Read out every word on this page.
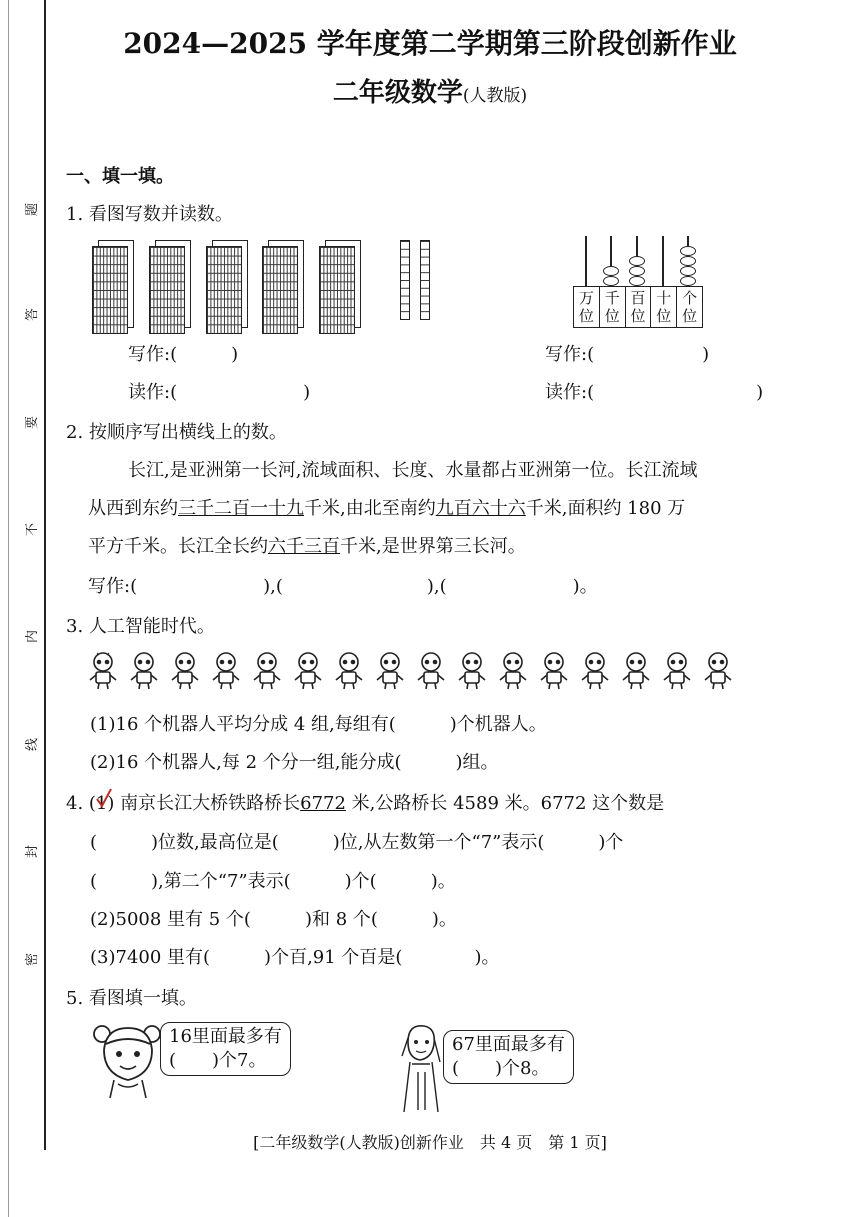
题
答
要
不
内
线
封
密
2024—2025 学年度第二学期第三阶段创新作业
二年级数学(人教版)
一、填一填。
1. 看图写数并读数。
万位
千位
百位
十位
个位
写作:(　　　)
读作:(　　　　　　　)
写作:(　　　　　　)
读作:(　　　　　　　　　)
2. 按顺序写出横线上的数。
长江,是亚洲第一长河,流域面积、长度、水量都占亚洲第一位。长江流域
从西到东约三千二百一十九千米,由北至南约九百六十六千米,面积约 180 万
平方千米。长江全长约六千三百千米,是世界第三长河。
写作:(　　　　　　　),(　　　　　　　　),(　　　　　　　)。
3. 人工智能时代。
(1)16 个机器人平均分成 4 组,每组有(　　　)个机器人。
(2)16 个机器人,每 2 个分一组,能分成(　　　)组。
4. (1) 南京长江大桥铁路桥长6772 米,公路桥长 4589 米。6772 这个数是
(　　　)位数,最高位是(　　　)位,从左数第一个“7”表示(　　　)个
(　　　),第二个“7”表示(　　　)个(　　　)。
(2)5008 里有 5 个(　　　)和 8 个(　　　)。
(3)7400 里有(　　　)个百,91 个百是(　　　　)。
5. 看图填一填。
16里面最多有
(　　)个7。
67里面最多有
(　　)个8。
[二年级数学(人教版)创新作业　共 4 页　第 1 页]
